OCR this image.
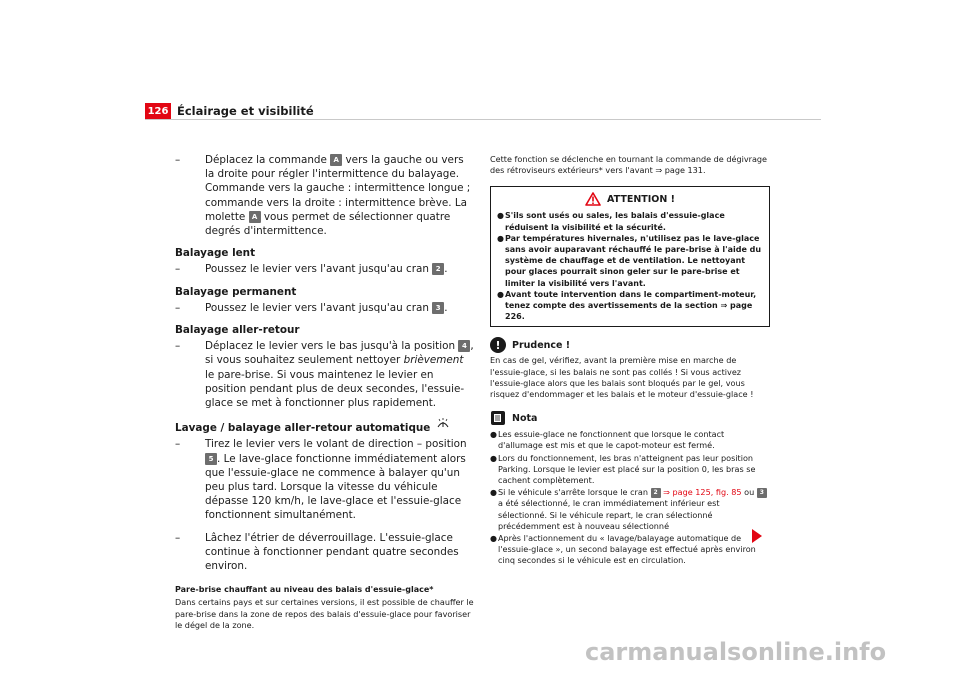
126 Éclairage et visibilité
– Déplacez la commande A vers la gauche ou vers la droite pour régler l'intermittence du balayage. Commande vers la gauche : intermittence longue ; commande vers la droite : intermittence brève. La molette A vous permet de sélectionner quatre degrés d'intermittence.
Balayage lent
– Poussez le levier vers l'avant jusqu'au cran 2 .
Balayage permanent
– Poussez le levier vers l'avant jusqu'au cran 3 .
Balayage aller-retour
– Déplacez le levier vers le bas jusqu'à la position 4 , si vous souhaitez seulement nettoyer brièvement le pare-brise. Si vous maintenez le levier en position pendant plus de deux secondes, l'essuie-glace se met à fonctionner plus rapidement.
Lavage / balayage aller-retour automatique
– Tirez le levier vers le volant de direction – position 5 . Le lave-glace fonctionne immédiatement alors que l'essuie-glace ne commence à balayer qu'un peu plus tard. Lorsque la vitesse du véhicule dépasse 120 km/h, le lave-glace et l'essuie-glace fonctionnent simultanément.
– Lâchez l'étrier de déverrouillage. L'essuie-glace continue à fonctionner pendant quatre secondes environ.
Pare-brise chauffant au niveau des balais d'essuie-glace*
Dans certains pays et sur certaines versions, il est possible de chauffer le pare-brise dans la zone de repos des balais d'essuie-glace pour favoriser le dégel de la zone.
Cette fonction se déclenche en tournant la commande de dégivrage des rétroviseurs extérieurs* vers l'avant ⇒ page 131.
ATTENTION !
● S'ils sont usés ou sales, les balais d'essuie-glace réduisent la visibilité et la sécurité.
● Par températures hivernales, n'utilisez pas le lave-glace sans avoir auparavant réchauffé le pare-brise à l'aide du système de chauffage et de ventilation. Le nettoyant pour glaces pourrait sinon geler sur le pare-brise et limiter la visibilité vers l'avant.
● Avant toute intervention dans le compartiment-moteur, tenez compte des avertissements de la section ⇒ page 226.
!	Prudence !
En cas de gel, vérifiez, avant la première mise en marche de l'essuie-glace, si les balais ne sont pas collés ! Si vous activez l'essuie-glace alors que les balais sont bloqués par le gel, vous risquez d'endommager et les balais et le moteur d'essuie-glace !
Nota
● Les essuie-glace ne fonctionnent que lorsque le contact d'allumage est mis et que le capot-moteur est fermé.
● Lors du fonctionnement, les bras n'atteignent pas leur position Parking. Lorsque le levier est placé sur la position 0, les bras se cachent complètement.
● Si le véhicule s'arrête lorsque le cran 2 ⇒ page 125, fig. 85 ou 3 a été sélectionné, le cran immédiatement inférieur est sélectionné. Si le véhicule repart, le cran sélectionné précédemment est à nouveau sélectionné
● Après l'actionnement du « lavage/balayage automatique de l'essuie-glace », un second balayage est effectué après environ cinq secondes si le véhicule est en circulation.
carmanualsonline.info
